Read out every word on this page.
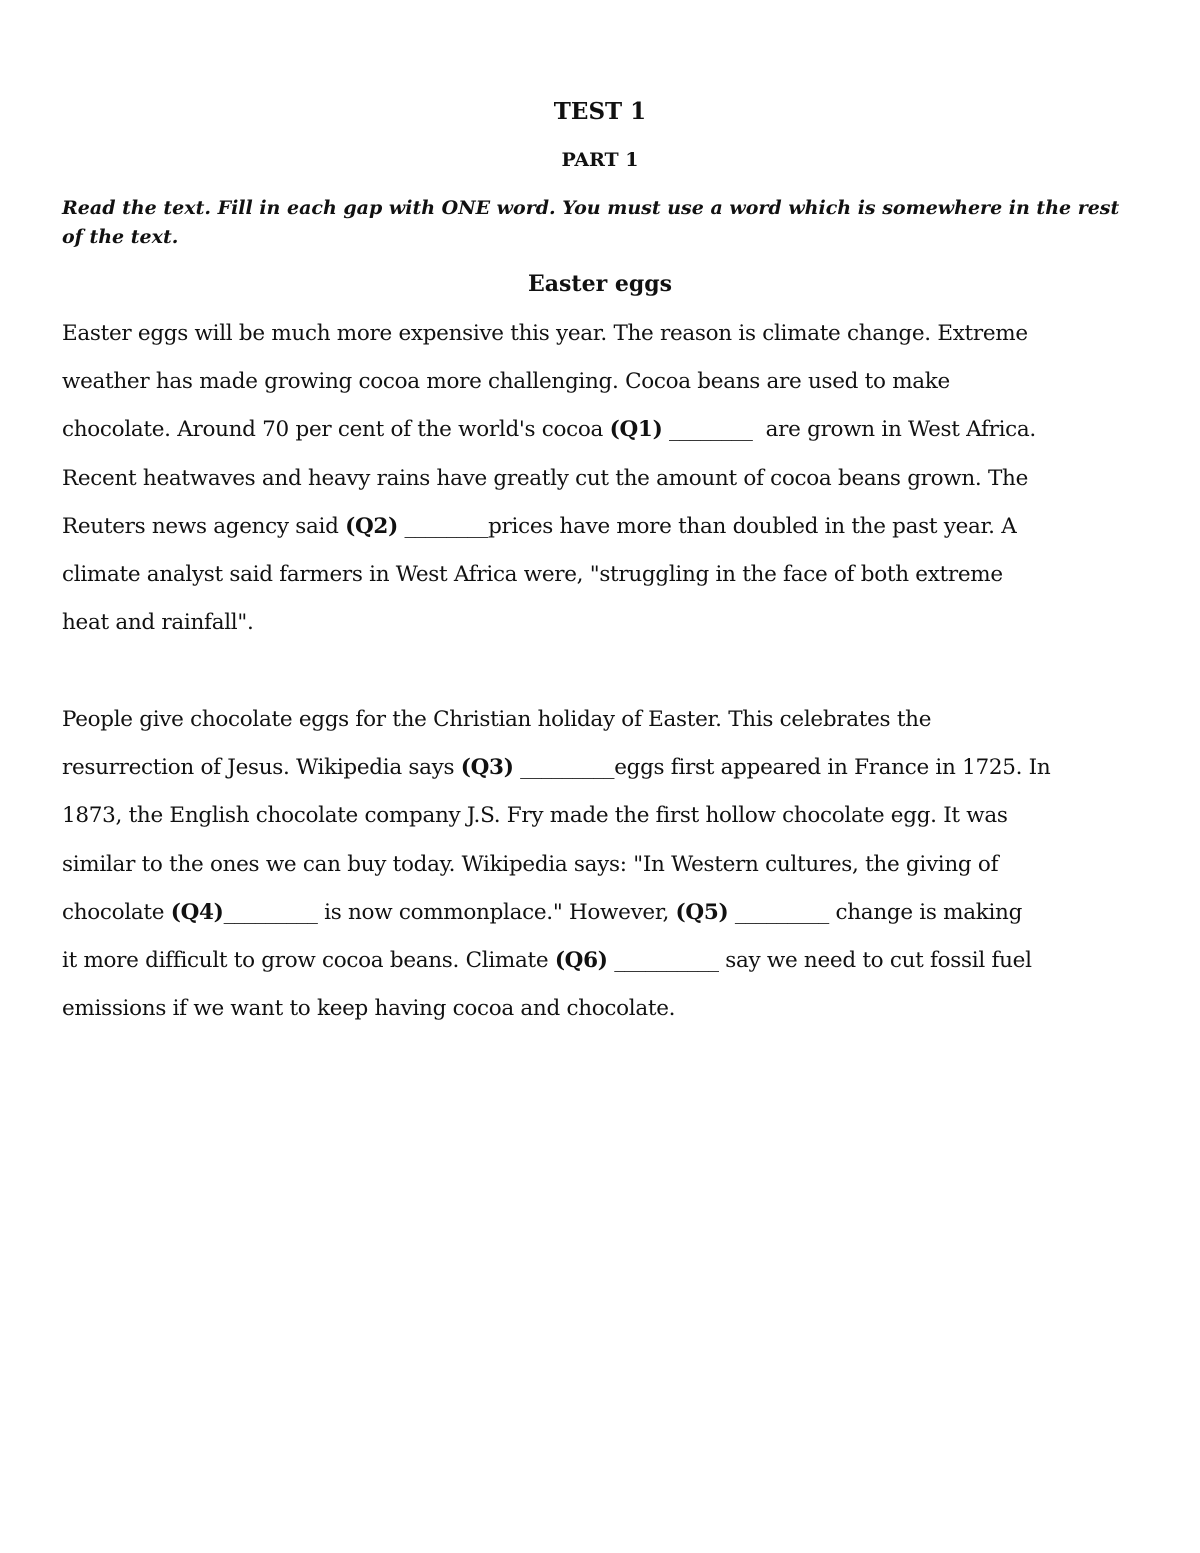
TEST 1
PART 1
Read the text. Fill in each gap with ONE word. You must use a word which is somewhere in the rest of the text.
Easter eggs

Easter eggs will be much more expensive this year. The reason is climate change. Extreme
weather has made growing cocoa more challenging. Cocoa beans are used to make
chocolate. Around 70 per cent of the world's cocoa (Q1) ________  are grown in West Africa.
Recent heatwaves and heavy rains have greatly cut the amount of cocoa beans grown. The
Reuters news agency said (Q2) ________prices have more than doubled in the past year. A
climate analyst said farmers in West Africa were, "struggling in the face of both extreme
heat and rainfall".

People give chocolate eggs for the Christian holiday of Easter. This celebrates the
resurrection of Jesus. Wikipedia says (Q3) _________eggs first appeared in France in 1725. In
1873, the English chocolate company J.S. Fry made the first hollow chocolate egg. It was
similar to the ones we can buy today. Wikipedia says: "In Western cultures, the giving of
chocolate (Q4)_________ is now commonplace." However, (Q5) _________ change is making
it more difficult to grow cocoa beans. Climate (Q6) __________ say we need to cut fossil fuel
emissions if we want to keep having cocoa and chocolate.
